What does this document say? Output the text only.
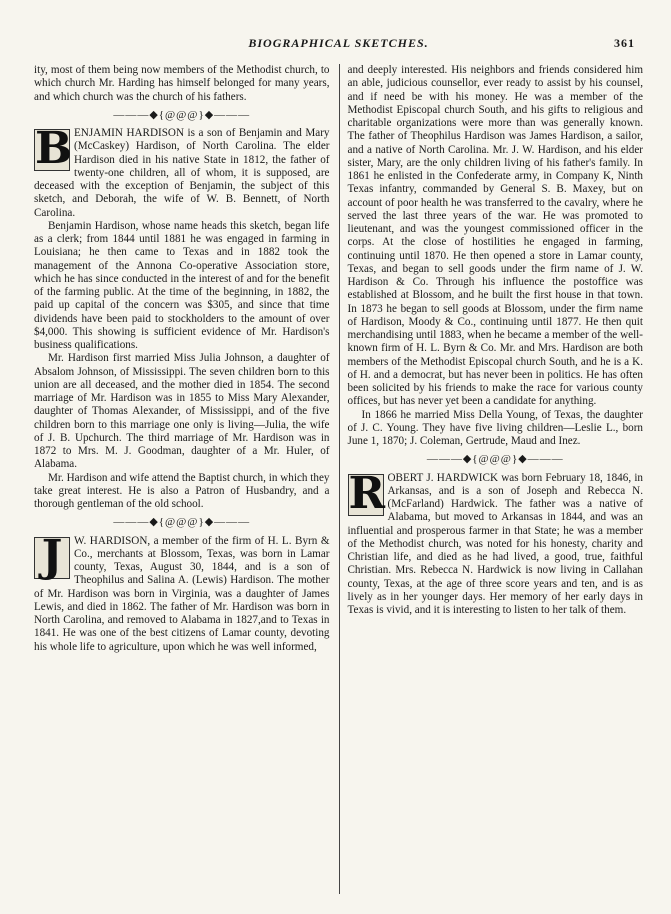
BIOGRAPHICAL SKETCHES.	361

ity, most of them being now members of the Methodist church, to which church Mr. Harding has himself belonged for many years, and which church was the church of his fathers.

———◆{@@@}◆———
B ENJAMIN HARDISON is a son of Benjamin and Mary (McCaskey) Hardison, of North Carolina. The elder Hardison died in his native State in 1812, the father of twenty-one children, all of whom, it is supposed, are deceased with the exception of Benjamin, the subject of this sketch, and Deborah, the wife of W. B. Bennett, of North Carolina.

Benjamin Hardison, whose name heads this sketch, began life as a clerk; from 1844 until 1881 he was engaged in farming in Louisiana; he then came to Texas and in 1882 took the management of the Annona Co-operative Association store, which he has since conducted in the interest of and for the benefit of the farming public. At the time of the beginning, in 1882, the paid up capital of the concern was $305, and since that time dividends have been paid to stockholders to the amount of over $4,000. This showing is sufficient evidence of Mr. Hardison's business qualifications.

Mr. Hardison first married Miss Julia Johnson, a daughter of Absalom Johnson, of Mississippi. The seven children born to this union are all deceased, and the mother died in 1854. The second marriage of Mr. Hardison was in 1855 to Miss Mary Alexander, daughter of Thomas Alexander, of Mississippi, and of the five children born to this marriage one only is living—Julia, the wife of J. B. Upchurch. The third marriage of Mr. Hardison was in 1872 to Mrs. M. J. Goodman, daughter of a Mr. Huler, of Alabama.

Mr. Hardison and wife attend the Baptist church, in which they take great interest. He is also a Patron of Husbandry, and a thorough gentleman of the old school.

———◆{@@@}◆———
J	W. HARDISON, a member of the firm of H. L. Byrn & Co., merchants at Blossom, Texas, was born in Lamar county, Texas, August 30, 1844, and is a son of Theophilus and Salina A. (Lewis) Hardison. The mother of Mr. Hardison was born in Virginia, was a daughter of James Lewis, and died in 1862. The father of Mr. Hardison was born in North Carolina, and removed to Alabama in 1827,and to Texas in 1841. He was one of the best citizens of Lamar county, devoting his whole life to agriculture, upon which he was well informed,

and deeply interested. His neighbors and friends considered him an able, judicious counsellor, ever ready to assist by his counsel, and if need be with his money. He was a member of the Methodist Episcopal church South, and his gifts to religious and charitable organizations were more than was generally known. The father of Theophilus Hardison was James Hardison, a sailor, and a native of North Carolina. Mr. J. W. Hardison, and his elder sister, Mary, are the only children living of his father's family. In 1861 he enlisted in the Confederate army, in Company K, Ninth Texas infantry, commanded by General S. B. Maxey, but on account of poor health he was transferred to the cavalry, where he served the last three years of the war. He was promoted to lieutenant, and was the youngest commissioned officer in the corps. At the close of hostilities he engaged in farming, continuing until 1870. He then opened a store in Lamar county, Texas, and began to sell goods under the firm name of J. W. Hardison & Co. Through his influence the postoffice was established at Blossom, and he built the first house in that town. In 1873 he began to sell goods at Blossom, under the firm name of Hardison, Moody & Co., continuing until 1877. He then quit merchandising until 1883, when he became a member of the well-known firm of H. L. Byrn & Co. Mr. and Mrs. Hardison are both members of the Methodist Episcopal church South, and he is a K. of H. and a democrat, but has never been in politics. He has often been solicited by his friends to make the race for various county offices, but has never yet been a candidate for anything.

In 1866 he married Miss Della Young, of Texas, the daughter of J. C. Young. They have five living children—Leslie L., born June 1, 1870; J. Coleman, Gertrude, Maud and Inez.

———◆{@@@}◆———
R OBERT J. HARDWICK was born February 18, 1846, in Arkansas, and is a son of Joseph and Rebecca N. (McFarland) Hardwick. The father was a native of Alabama, but moved to Arkansas in 1844, and was an influential and prosperous farmer in that State; he was a member of the Methodist church, was noted for his honesty, charity and Christian life, and died as he had lived, a good, true, faithful Christian. Mrs. Rebecca N. Hardwick is now living in Callahan county, Texas, at the age of three score years and ten, and is as lively as in her younger days. Her memory of her early days in Texas is vivid, and it is interesting to listen to her talk of them.
